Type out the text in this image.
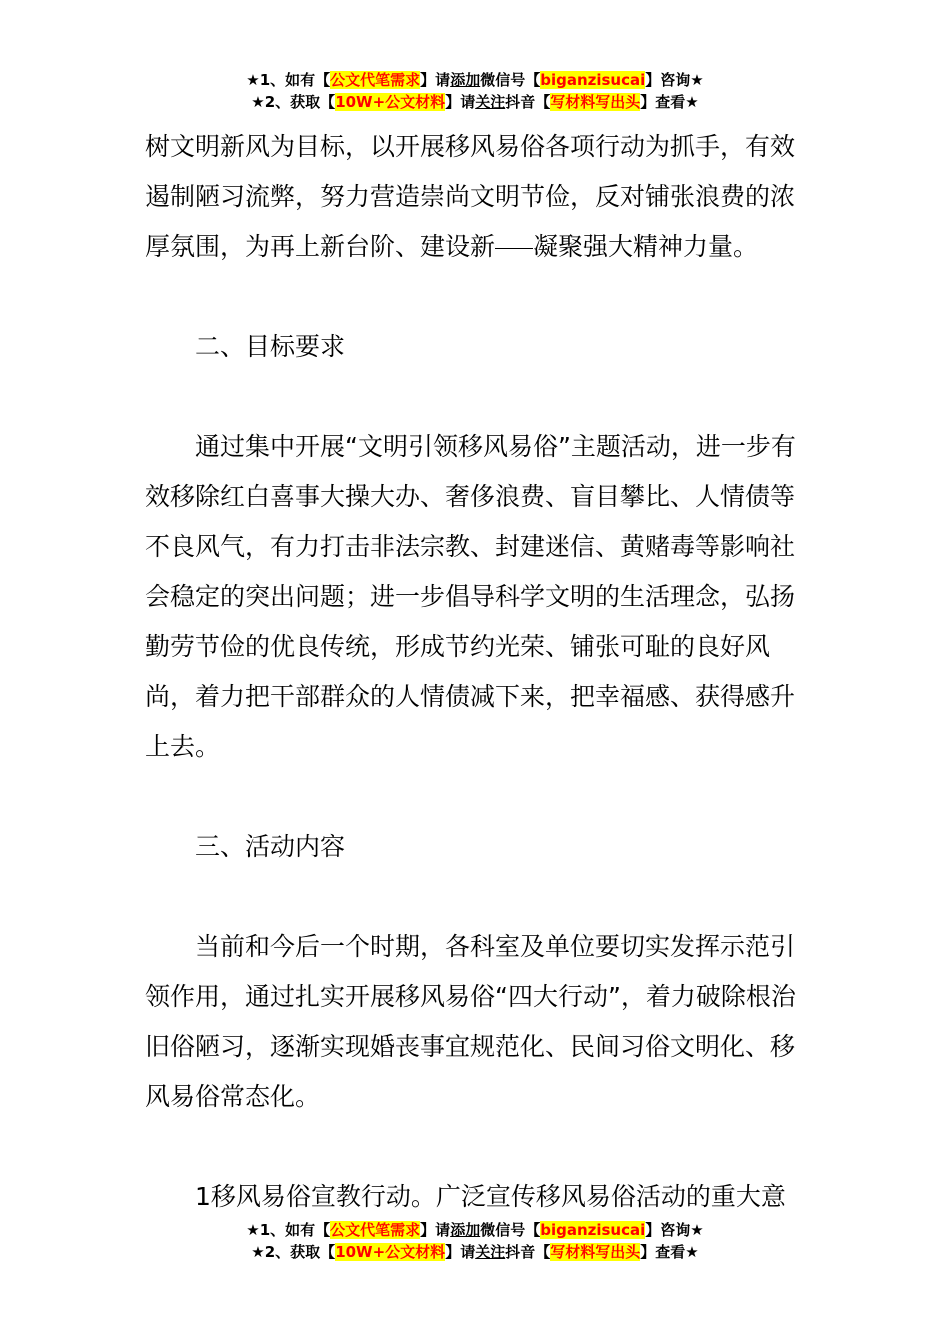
★1、如有【公文代笔需求】请添加微信号【biganzisucai】咨询★
★2、获取【10W+公文材料】请关注抖音【写材料写出头】查看★

树文明新风为目标，以开展移风易俗各项行动为抓手，有效遏制陋习流弊，努力营造崇尚文明节俭，反对铺张浪费的浓厚氛围，为再上新台阶、建设新 凝聚强大精神力量。

二、目标要求

通过集中开展“文明引领移风易俗”主题活动，进一步有效移除红白喜事大操大办、奢侈浪费、盲目攀比、人情债等不良风气，有力打击非法宗教、封建迷信、黄赌毒等影响社会稳定的突出问题；进一步倡导科学文明的生活理念，弘扬勤劳节俭的优良传统，形成节约光荣、铺张可耻的良好风尚，着力把干部群众的人情债减下来，把幸福感、获得感升上去。

三、活动内容

当前和今后一个时期，各科室及单位要切实发挥示范引领作用，通过扎实开展移风易俗“四大行动”，着力破除根治旧俗陋习，逐渐实现婚丧事宜规范化、民间习俗文明化、移风易俗常态化。

1移风易俗宣教行动。广泛宣传移风易俗活动的重大意

★1、如有【公文代笔需求】请添加微信号【biganzisucai】咨询★
★2、获取【10W+公文材料】请关注抖音【写材料写出头】查看★
